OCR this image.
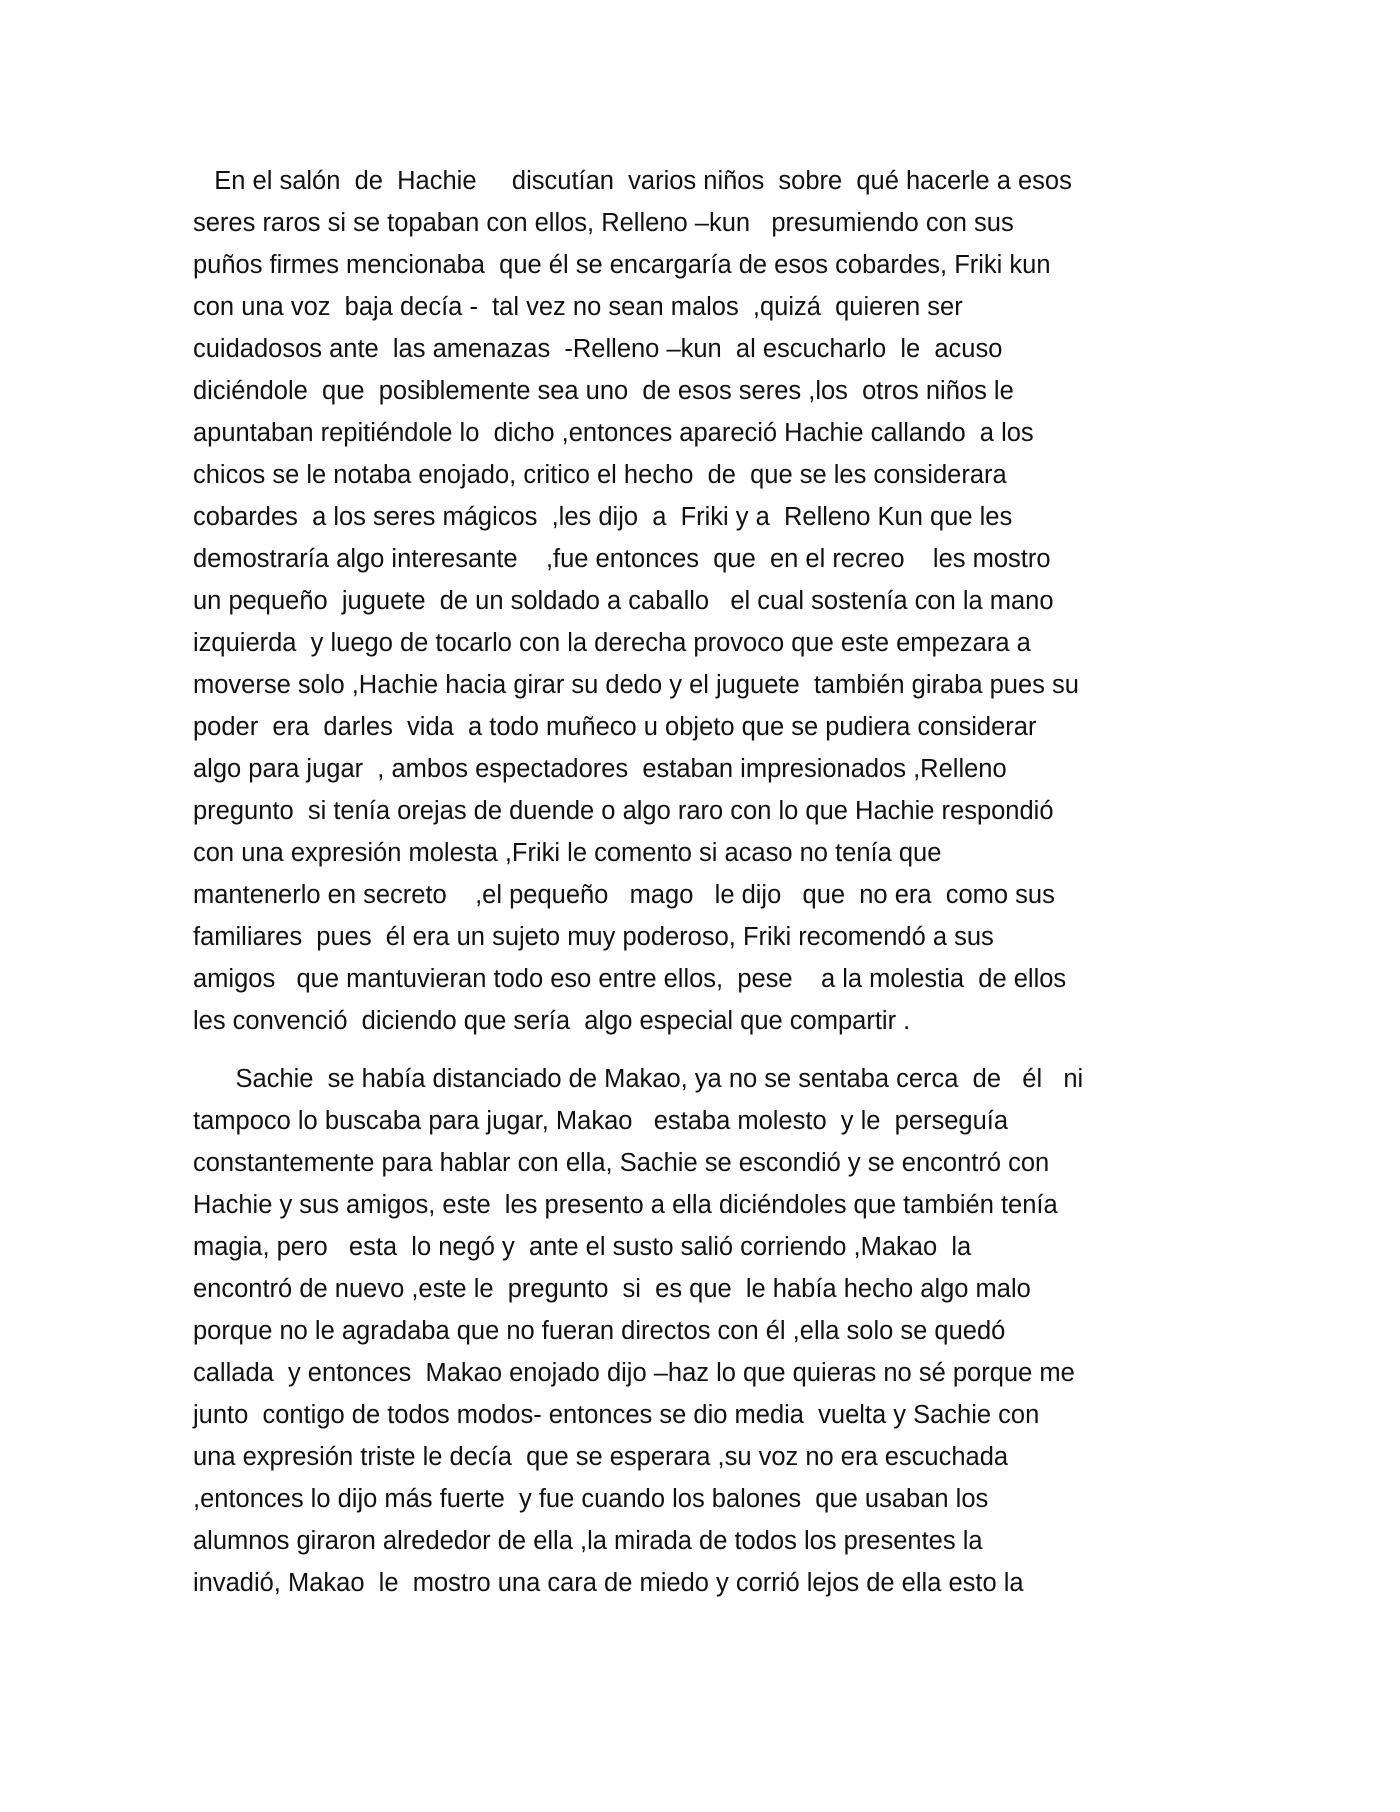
En el salón  de  Hachie     discutían  varios niños  sobre  qué hacerle a esos
seres raros si se topaban con ellos, Relleno –kun   presumiendo con sus
puños firmes mencionaba  que él se encargaría de esos cobardes, Friki kun
con una voz  baja decía -  tal vez no sean malos  ,quizá  quieren ser
cuidadosos ante  las amenazas  -Relleno –kun  al escucharlo  le  acuso
diciéndole  que  posiblemente sea uno  de esos seres ,los  otros niños le
apuntaban repitiéndole lo  dicho ,entonces apareció Hachie callando  a los
chicos se le notaba enojado, critico el hecho  de  que se les considerara
cobardes  a los seres mágicos  ,les dijo  a  Friki y a  Relleno Kun que les
demostraría algo interesante    ,fue entonces  que  en el recreo    les mostro
un pequeño  juguete  de un soldado a caballo   el cual sostenía con la mano
izquierda  y luego de tocarlo con la derecha provoco que este empezara a
moverse solo ,Hachie hacia girar su dedo y el juguete  también giraba pues su
poder  era  darles  vida  a todo muñeco u objeto que se pudiera considerar
algo para jugar  , ambos espectadores  estaban impresionados ,Relleno
pregunto  si tenía orejas de duende o algo raro con lo que Hachie respondió
con una expresión molesta ,Friki le comento si acaso no tenía que
mantenerlo en secreto    ,el pequeño   mago   le dijo   que  no era  como sus
familiares  pues  él era un sujeto muy poderoso, Friki recomendó a sus
amigos   que mantuvieran todo eso entre ellos,  pese    a la molestia  de ellos
les convenció  diciendo que sería  algo especial que compartir .

Sachie  se había distanciado de Makao, ya no se sentaba cerca  de   él   ni
tampoco lo buscaba para jugar, Makao   estaba molesto  y le  perseguía
constantemente para hablar con ella, Sachie se escondió y se encontró con
Hachie y sus amigos, este  les presento a ella diciéndoles que también tenía
magia, pero   esta  lo negó y  ante el susto salió corriendo ,Makao  la
encontró de nuevo ,este le  pregunto  si  es que  le había hecho algo malo
porque no le agradaba que no fueran directos con él ,ella solo se quedó
callada  y entonces  Makao enojado dijo –haz lo que quieras no sé porque me
junto  contigo de todos modos- entonces se dio media  vuelta y Sachie con
una expresión triste le decía  que se esperara ,su voz no era escuchada
,entonces lo dijo más fuerte  y fue cuando los balones  que usaban los
alumnos giraron alrededor de ella ,la mirada de todos los presentes la
invadió, Makao  le  mostro una cara de miedo y corrió lejos de ella esto la
